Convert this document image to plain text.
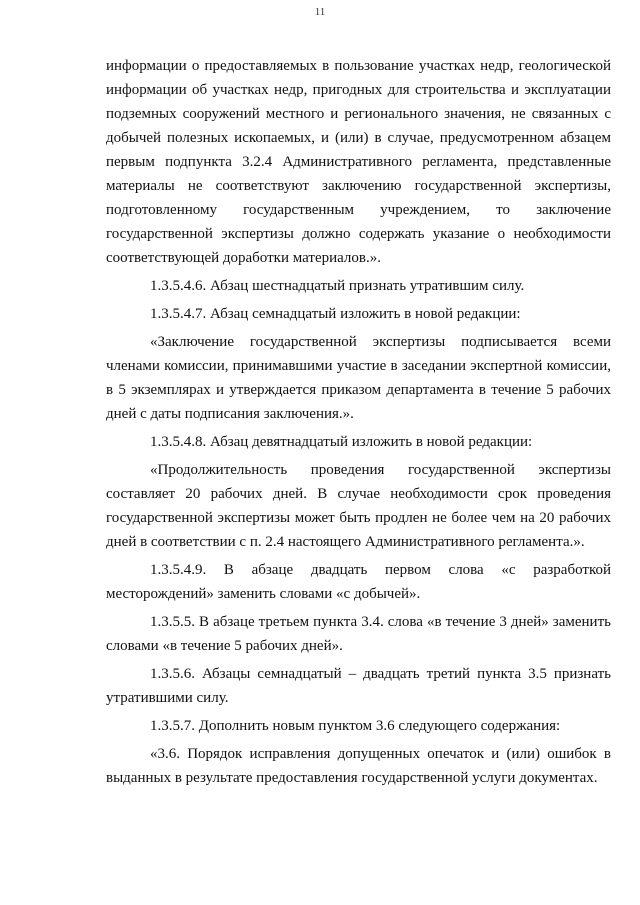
11

информации о предоставляемых в пользование участках недр, геологической информации об участках недр, пригодных для строительства и эксплуатации подземных сооружений местного и регионального значения, не связанных с добычей полезных ископаемых, и (или) в случае, предусмотренном абзацем первым подпункта 3.2.4 Административного регламента, представленные материалы не соответствуют заключению государственной экспертизы, подготовленному государственным учреждением, то заключение государственной экспертизы должно содержать указание о необходимости соответствующей доработки материалов.».

1.3.5.4.6. Абзац шестнадцатый признать утратившим силу.

1.3.5.4.7. Абзац семнадцатый изложить в новой редакции:

«Заключение государственной экспертизы подписывается всеми членами комиссии, принимавшими участие в заседании экспертной комиссии, в 5 экземплярах и утверждается приказом департамента в течение 5 рабочих дней с даты подписания заключения.».

1.3.5.4.8. Абзац девятнадцатый изложить в новой редакции:

«Продолжительность проведения государственной экспертизы составляет 20 рабочих дней. В случае необходимости срок проведения государственной экспертизы может быть продлен не более чем на 20 рабочих дней в соответствии с п. 2.4 настоящего Административного регламента.».

1.3.5.4.9. В абзаце двадцать первом слова «с разработкой месторождений» заменить словами «с добычей».

1.3.5.5. В абзаце третьем пункта 3.4. слова «в течение 3 дней» заменить словами «в течение 5 рабочих дней».

1.3.5.6. Абзацы семнадцатый – двадцать третий пункта 3.5 признать утратившими силу.

1.3.5.7. Дополнить новым пунктом 3.6 следующего содержания:

«3.6. Порядок исправления допущенных опечаток и (или) ошибок в выданных в результате предоставления государственной услуги документах.
